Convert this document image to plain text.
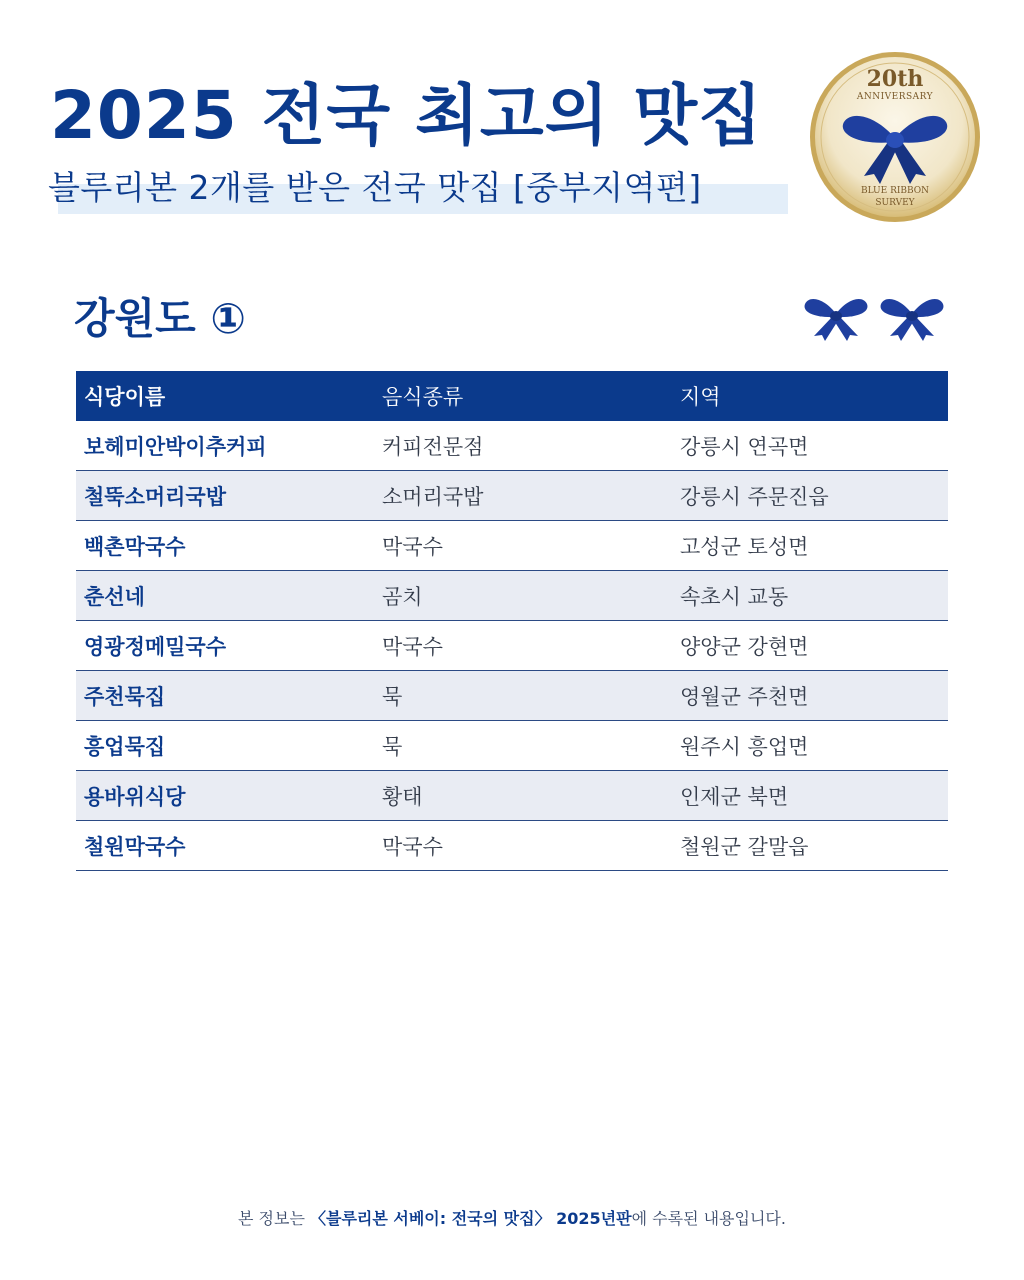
2025 전국 최고의 맛집
블루리본 2개를 받은 전국 맛집 [중부지역편]
20th
ANNIVERSARY
BLUE RIBBON
SURVEY
강원도 ①
식당이름	음식종류	지역
보헤미안박이추커피	커피전문점	강릉시 연곡면
철뚝소머리국밥	소머리국밥	강릉시 주문진읍
백촌막국수	막국수	고성군 토성면
춘선네	곰치	속초시 교동
영광정메밀국수	막국수	양양군 강현면
주천묵집	묵	영월군 주천면
흥업묵집	묵	원주시 흥업면
용바위식당	황태	인제군 북면
철원막국수	막국수	철원군 갈말읍
본 정보는 〈블루리본 서베이: 전국의 맛집〉 2025년판에 수록된 내용입니다.
